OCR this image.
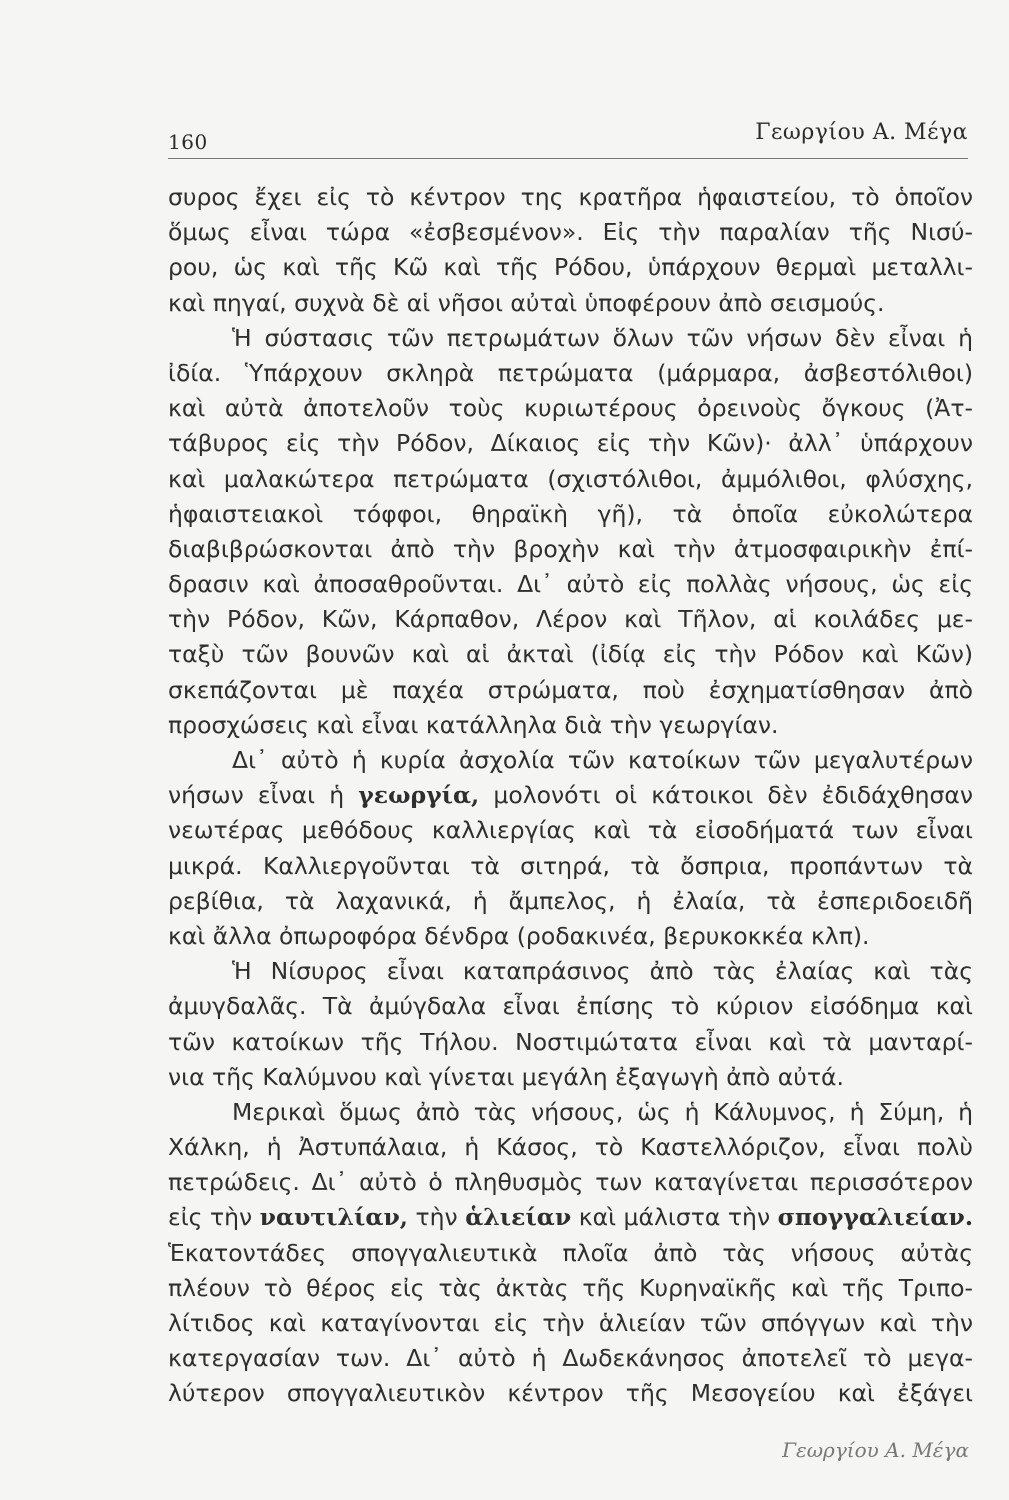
160	Γεωργίου Α. Μέγα
συρος ἔχει εἰς τὸ κέντρον της κρατῆρα ἡφαιστείου, τὸ ὁποῖον
ὅμως εἶναι τώρα «ἐσβεσμένον». Εἰς τὴν παραλίαν τῆς Νισύ-
ρου, ὡς καὶ τῆς Κῶ καὶ τῆς Ρόδου, ὑπάρχουν θερμαὶ μεταλλι-
καὶ πηγαί, συχνὰ δὲ αἱ νῆσοι αὐταὶ ὑποφέρουν ἀπὸ σεισμούς.
Ἡ σύστασις τῶν πετρωμάτων ὅλων τῶν νήσων δὲν εἶναι ἡ
ἰδία. Ὑπάρχουν σκληρὰ πετρώματα (μάρμαρα, ἀσβεστόλιθοι)
καὶ αὐτὰ ἀποτελοῦν τοὺς κυριωτέρους ὀρεινοὺς ὄγκους (Ἀτ-
τάβυρος εἰς τὴν Ρόδον, Δίκαιος εἰς τὴν Κῶν)· ἀλλ᾽ ὑπάρχουν
καὶ μαλακώτερα πετρώματα (σχιστόλιθοι, ἀμμόλιθοι, φλύσχης,
ἡφαιστειακοὶ τόφφοι, θηραϊκὴ γῆ), τὰ ὁποῖα εὐκολώτερα
διαβιβρώσκονται ἀπὸ τὴν βροχὴν καὶ τὴν ἀτμοσφαιρικὴν ἐπί-
δρασιν καὶ ἀποσαθροῦνται. Δι᾽ αὐτὸ εἰς πολλὰς νήσους, ὡς εἰς
τὴν Ρόδον, Κῶν, Κάρπαθον, Λέρον καὶ Τῆλον, αἱ κοιλάδες με-
ταξὺ τῶν βουνῶν καὶ αἱ ἀκταὶ (ἰδίᾳ εἰς τὴν Ρόδον καὶ Κῶν)
σκεπάζονται μὲ παχέα στρώματα, ποὺ ἐσχηματίσθησαν ἀπὸ
προσχώσεις καὶ εἶναι κατάλληλα διὰ τὴν γεωργίαν.
Δι᾽ αὐτὸ ἡ κυρία ἀσχολία τῶν κατοίκων τῶν μεγαλυτέρων
νήσων εἶναι ἡ γεωργία, μολονότι οἱ κάτοικοι δὲν ἐδιδάχθησαν
νεωτέρας μεθόδους καλλιεργίας καὶ τὰ εἰσοδήματά των εἶναι
μικρά. Καλλιεργοῦνται τὰ σιτηρά, τὰ ὄσπρια, προπάντων τὰ
ρεβίθια, τὰ λαχανικά, ἡ ἄμπελος, ἡ ἐλαία, τὰ ἐσπεριδοειδῆ
καὶ ἄλλα ὀπωροφόρα δένδρα (ροδακινέα, βερυκοκκέα κλπ).
Ἡ Νίσυρος εἶναι καταπράσινος ἀπὸ τὰς ἐλαίας καὶ τὰς
ἀμυγδαλᾶς. Τὰ ἀμύγδαλα εἶναι ἐπίσης τὸ κύριον εἰσόδημα καὶ
τῶν κατοίκων τῆς Τήλου. Νοστιμώτατα εἶναι καὶ τὰ μανταρί-
νια τῆς Καλύμνου καὶ γίνεται μεγάλη ἐξαγωγὴ ἀπὸ αὐτά.
Μερικαὶ ὅμως ἀπὸ τὰς νήσους, ὡς ἡ Κάλυμνος, ἡ Σύμη, ἡ
Χάλκη, ἡ Ἀστυπάλαια, ἡ Κάσος, τὸ Καστελλόριζον, εἶναι πολὺ
πετρώδεις. Δι᾽ αὐτὸ ὁ πληθυσμὸς των καταγίνεται περισσότερον
εἰς τὴν ναυτιλίαν, τὴν ἁλιείαν καὶ μάλιστα τὴν σπογγαλιείαν.
Ἑκατοντάδες σπογγαλιευτικὰ πλοῖα ἀπὸ τὰς νήσους αὐτὰς
πλέουν τὸ θέρος εἰς τὰς ἀκτὰς τῆς Κυρηναϊκῆς καὶ τῆς Τριπο-
λίτιδος καὶ καταγίνονται εἰς τὴν ἁλιείαν τῶν σπόγγων καὶ τὴν
κατεργασίαν των. Δι᾽ αὐτὸ ἡ Δωδεκάνησος ἀποτελεῖ τὸ μεγα-
λύτερον σπογγαλιευτικὸν κέντρον τῆς Μεσογείου καὶ ἐξάγει
Γεωργίου Α. Μέγα
